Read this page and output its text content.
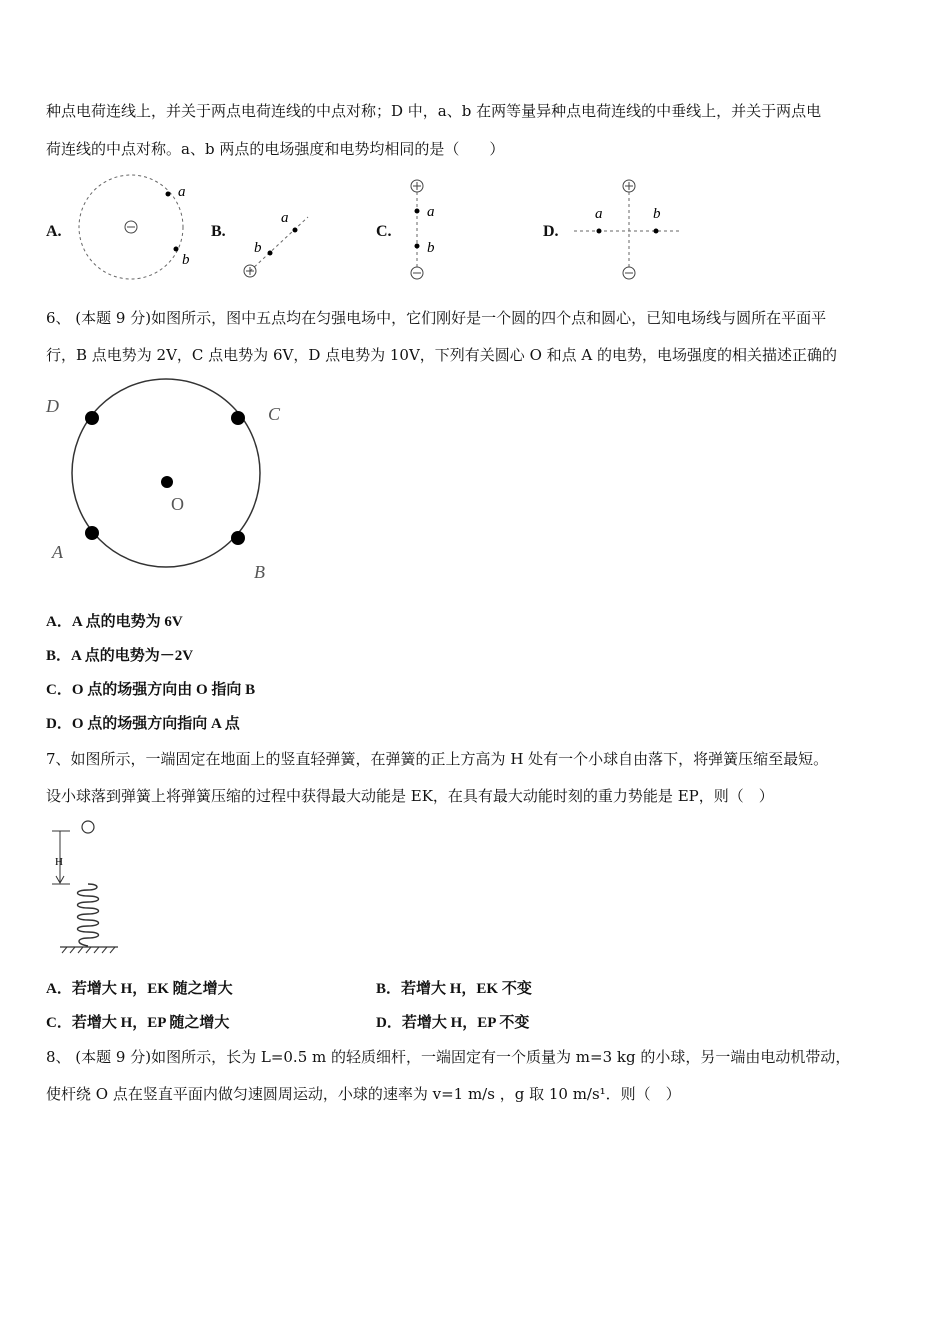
种点电荷连线上，并关于两点电荷连线的中点对称；D 中，a、b 在两等量异种点电荷连线的中垂线上，并关于两点电
荷连线的中点对称。a、b 两点的电场强度和电势均相同的是（　　）
A.	B.	C.	D.
a
b
a
b
a
b
a	b
6、 (本题 9 分)如图所示，图中五点均在匀强电场中，它们刚好是一个圆的四个点和圆心，已知电场线与圆所在平面平
行，B 点电势为 2V，C 点电势为 6V，D 点电势为 10V，下列有关圆心 O 和点 A 的电势，电场强度的相关描述正确的
D	C
A
B
O
A．A 点的电势为 6V
B．A 点的电势为－2V
C．O 点的场强方向由 O 指向 B
D．O 点的场强方向指向 A 点
7、如图所示，一端固定在地面上的竖直轻弹簧，在弹簧的正上方高为 H 处有一个小球自由落下，将弹簧压缩至最短。
设小球落到弹簧上将弹簧压缩的过程中获得最大动能是 EK，在具有最大动能时刻的重力势能是 EP，则（　）
H
A．若增大 H，EK 随之增大	B．若增大 H，EK 不变
C．若增大 H，EP 随之增大	D．若增大 H，EP 不变
8、 (本题 9 分)如图所示，长为 L=0.5 m 的轻质细杆，一端固定有一个质量为 m=3 kg 的小球，另一端由电动机带动，
使杆绕 O 点在竖直平面内做匀速圆周运动，小球的速率为 v=1 m/s ，g 取 10 m/s¹．则（　）
